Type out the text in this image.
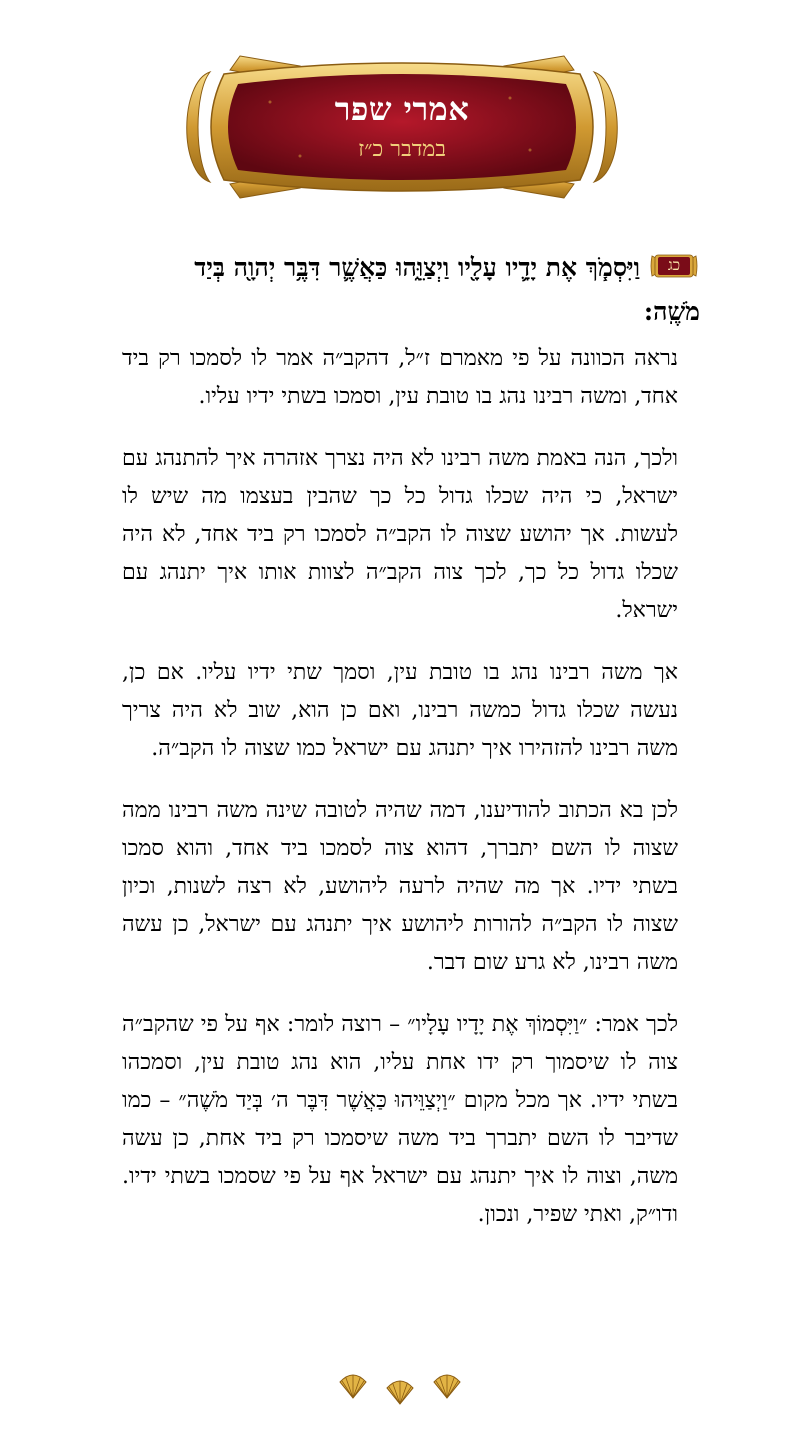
אמרי שפר
במדבר כ״ז
כג
וַיִּסְמֹ֧ךְ אֶת יָדָ֛יו עָלָ֖יו וַיְצַוֵּ֑הוּ כַּאֲשֶׁ֛ר דִּבֶּ֥ר יְהוָ֖ה בְּיַד
מֹשֶֽׁה:

נראה הכוונה על פי מאמרם ז״ל, דהקב״ה אמר לו לסמכו רק ביד אחד, ומשה רבינו נהג בו טובת עין, וסמכו בשתי ידיו עליו.

ולכך, הנה באמת משה רבינו לא היה נצרך אזהרה איך להתנהג עם ישראל, כי היה שכלו גדול כל כך שהבין בעצמו מה שיש לו לעשות. אך יהושע שצוה לו הקב״ה לסמכו רק ביד אחד, לא היה שכלו גדול כל כך, לכך צוה הקב״ה לצוות אותו איך יתנהג עם ישראל.

אך משה רבינו נהג בו טובת עין, וסמך שתי ידיו עליו. אם כן, נעשה שכלו גדול כמשה רבינו, ואם כן הוא, שוב לא היה צריך משה רבינו להזהירו איך יתנהג עם ישראל כמו שצוה לו הקב״ה.

לכן בא הכתוב להודיענו, דמה שהיה לטובה שינה משה רבינו ממה שצוה לו השם יתברך, דהוא צוה לסמכו ביד אחד, והוא סמכו בשתי ידיו. אך מה שהיה לרעה ליהושע, לא רצה לשנות, וכיון שצוה לו הקב״ה להורות ליהושע איך יתנהג עם ישראל, כן עשה משה רבינו, לא גרע שום דבר.

לכך אמר: ״וַיִּסְמוֹךְ אֶת יָדָיו עָלָיו״ – רוצה לומר: אף על פי שהקב״ה צוה לו שיסמוך רק ידו אחת עליו, הוא נהג טובת עין, וסמכהו בשתי ידיו. אך מכל מקום ״וַיְצַוֵּיהוּ כַּאֲשֶׁר דִּבֶּר ה׳ בְּיַד מֹשֶׁה״ – כמו שדיבר לו השם יתברך ביד משה שיסמכו רק ביד אחת, כן עשה משה, וצוה לו איך יתנהג עם ישראל אף על פי שסמכו בשתי ידיו. ודו״ק, ואתי שפיר, ונכון.
